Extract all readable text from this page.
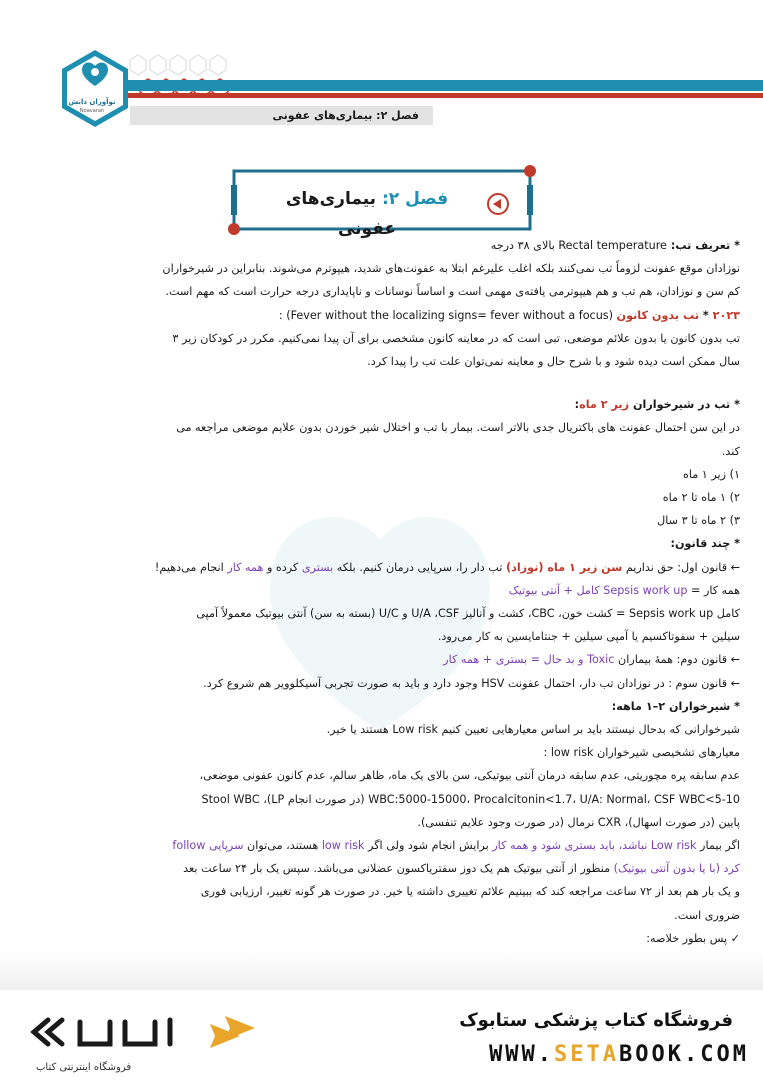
نوآوران دانش
Noavaran	فصل ۲: بیماری‌های عفونی
فصل ۲: بیماری‌های عفونی

* تعریف تب: Rectal temperature بالای ۳۸ درجه

نوزادان موقع عفونت لزوماً تب نمی‌کنند بلکه اغلب علیرغم ابتلا به عفونت‌های شدید، هیپوترم می‌شوند. بنابراین در شیرخواران

کم سن و نوزادان، هم تب و هم هیپوترمی یافته‌ی مهمی است و اساساً نوسانات و ناپایداری درجه حرارت است که مهم است.

۲۰۲۳ * تب بدون کانون (Fever without the localizing signs= fever without a focus) :

تب بدون کانون یا بدون علائم موضعی، تبی است که در معاینه کانون مشخصی برای آن پیدا نمی‌کنیم. مکرر در کودکان زیر ۳

سال ممکن است دیده شود و با شرح حال و معاینه نمی‌توان علت تب را پیدا کرد.

* تب در شیرخواران زیر ۲ ماه:

در این سن احتمال عفونت های باکتریال جدی بالاتر است. بیمار با تب و اختلال شیر خوردن بدون علایم موضعی مراجعه می

کند.

۱) زیر ۱ ماه

۲) ۱ ماه تا ۲ ماه

۳) ۲ ماه تا ۳ سال

* چند قانون:

← قانون اول: حق نداریم سن زیر ۱ ماه (نوزاد) تب دار را، سرپایی درمان کنیم. بلکه بستری کرده و همه کار انجام می‌دهیم!

همه کار = Sepsis work up کامل + آنتی بیوتیک

کامل Sepsis work up = کشت خون، CBC، کشت و آنالیز U/A ،CSF و U/C (بسته به سن) آنتی بیوتیک معمولاً آمپی

سیلین + سفوتاکسیم یا آمپی سیلین + جنتامایسین به کار می‌رود.

← قانون دوم: همهٔ بیماران Toxic و بد حال = بستری + همه کار

← قانون سوم : در نوزادان تب دار، احتمال عفونت HSV وجود دارد و باید به صورت تجربی آسیکلوویر هم شروع کرد.

* شیرخواران ۲–۱ ماهه:

شیرخوارانی که بدحال نیستند باید بر اساس معیارهایی تعیین کنیم Low risk هستند یا خیر.

معیارهای تشخیصی شیرخواران low risk :

عدم سابقه پره مچوریتی، عدم سابقه درمان آنتی بیوتیکی، سن بالای یک ماه، ظاهر سالم، عدم کانون عفونی موضعی،

WBC:5000-15000، Procalcitonin<1.7، U/A: Normal، CSF WBC<5-10 (در صورت انجام LP)، Stool WBC

پایین (در صورت اسهال)، CXR نرمال (در صورت وجود علایم تنفسی).

اگر بیمار Low risk نباشد، باید بستری شود و همه کار برایش انجام شود ولی اگر low risk هستند، می‌توان سرپایی follow

کرد (با یا بدون آنتی بیوتیک) منظور از آنتی بیوتیک هم یک دوز سفتریاکسون عضلانی می‌باشد. سپس یک بار ۲۴ ساعت بعد

و یک بار هم بعد از ۷۲ ساعت مراجعه کند که ببینیم علائم تغییری داشته یا خیر. در صورت هر گونه تغییر، ارزیابی فوری

ضروری است.

✓ پس بطور خلاصه:

فروشگاه کتاب پزشکی ستابوک
WWW.SETABOOK.COM
فروشگاه اینترنتی کتاب
